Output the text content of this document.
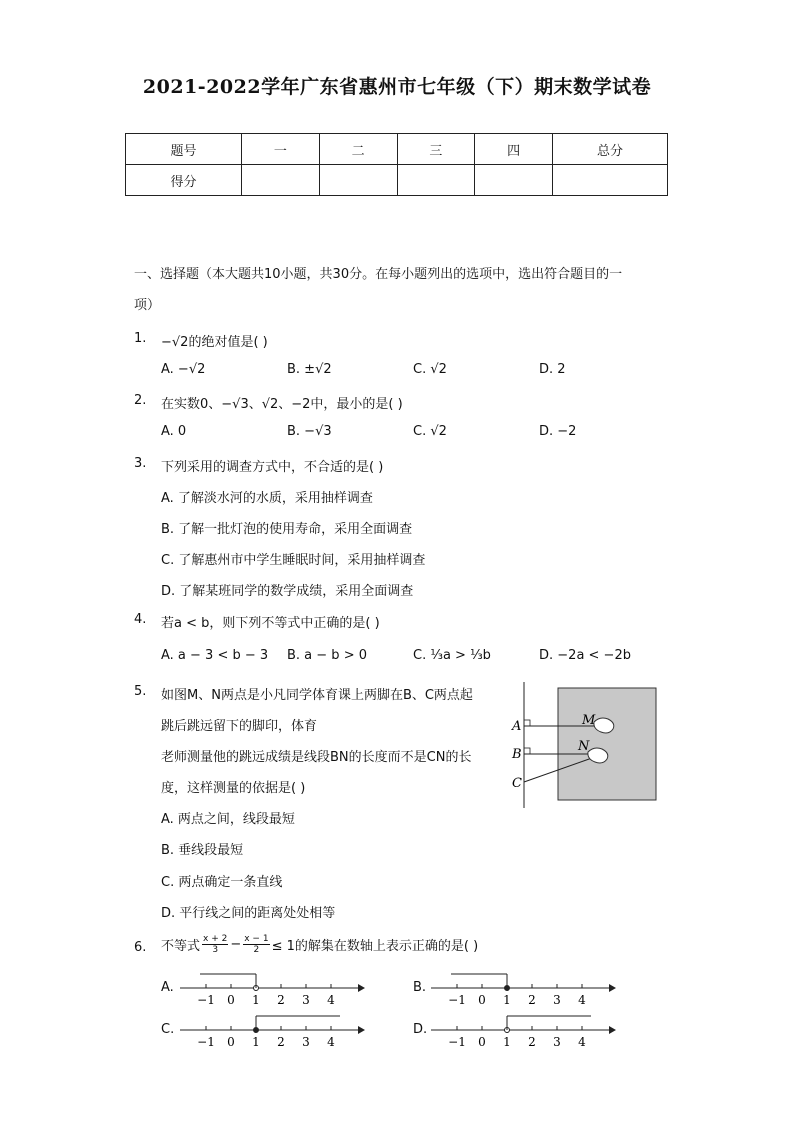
2021-2022学年广东省惠州市七年级（下）期末数学试卷
题号	一	二	三	四	总分
得分					
一、选择题（本大题共10小题，共30分。在每小题列出的选项中，选出符合题目的一
项）
1. −√2的绝对值是( )
A. −√2	B. ±√2	C. √2	D. 2
2. 在实数0、−√3、√2、−2中，最小的是( )
A. 0	B. −√3	C. √2	D. −2
3. 下列采用的调查方式中，不合适的是( )
A. 了解淡水河的水质，采用抽样调查
B. 了解一批灯泡的使用寿命，采用全面调查
C. 了解惠州市中学生睡眠时间，采用抽样调查
D. 了解某班同学的数学成绩，采用全面调查
4. 若a < b，则下列不等式中正确的是( )
A. a − 3 < b − 3 B. a − b > 0	C. ⅓a > ⅓b	D. −2a < −2b
5. 如图M、N两点是小凡同学体育课上两脚在B、C两点起
跳后跳远留下的脚印，体育
老师测量他的跳远成绩是线段BN的长度而不是CN的长
度，这样测量的依据是( )
A. 两点之间，线段最短
B. 垂线段最短
C. 两点确定一条直线
D. 平行线之间的距离处处相等
A
B
C
M
N
6. 不等式 $\frac{x + 2}{3} - \frac{x - 1}{2} \le 1$的解集在数轴上表示正确的是( )
A.	B.
C.	D.
−1 0 1 2 3 4	−1 0 1 2 3 4
−1 0 1 2 3 4	−1 0 1 2 3 4
